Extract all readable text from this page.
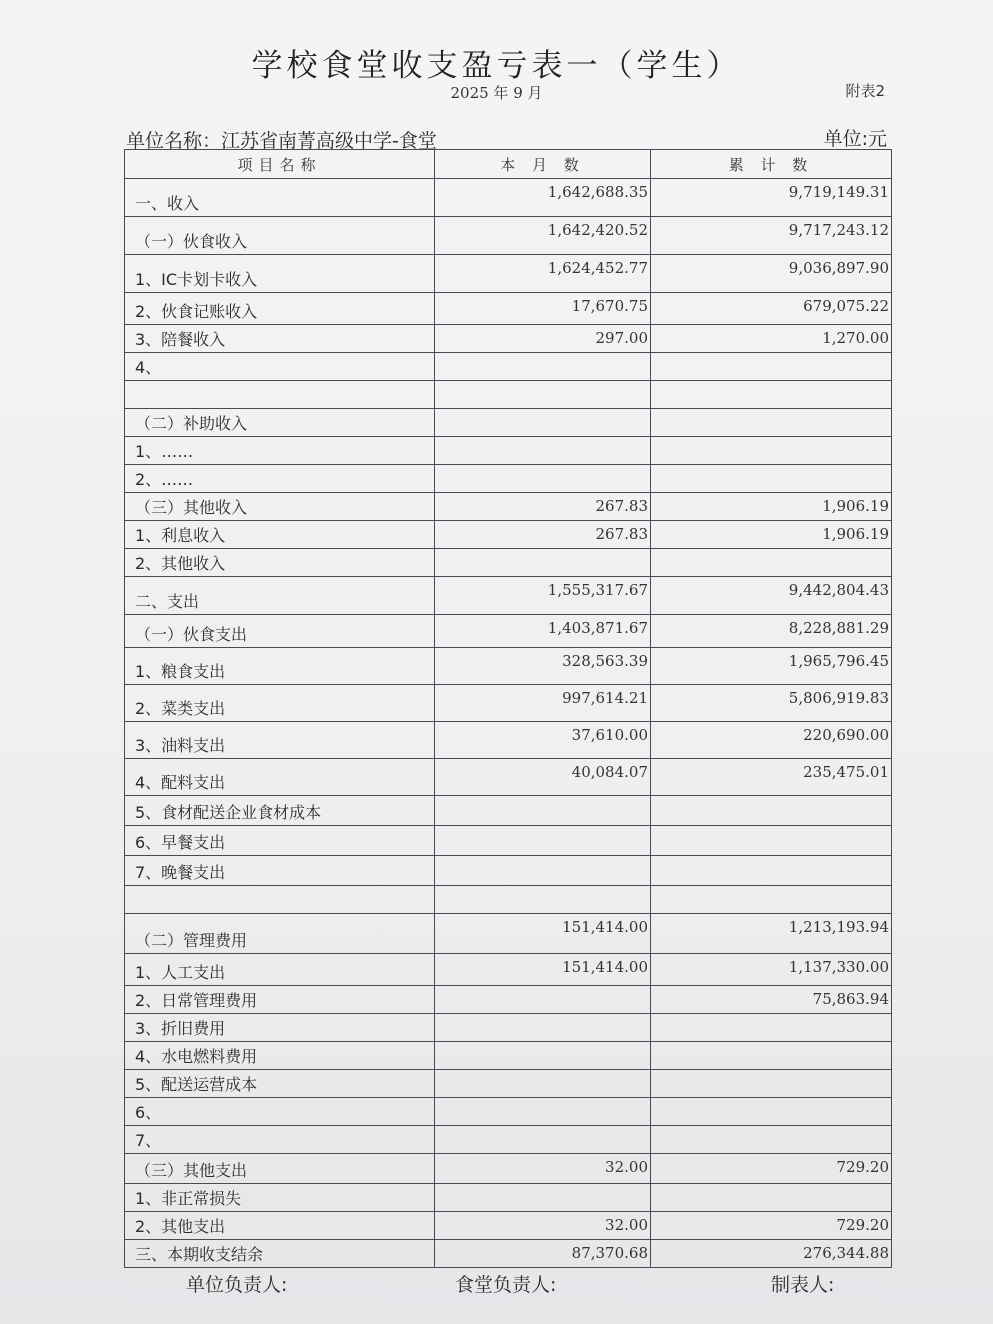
学校食堂收支盈亏表一（学生）
2025 年 9 月	附表2
单位名称：江苏省南菁高级中学-食堂	单位:元
项目名称	本 月 数	累 计 数
一、收入	1,642,688.35	9,719,149.31
（一）伙食收入	1,642,420.52	9,717,243.12
1、IC卡划卡收入	1,624,452.77	9,036,897.90
2、伙食记账收入	17,670.75	679,075.22
3、陪餐收入	297.00	1,270.00
4、		

（二）补助收入		
1、……		
2、……		
（三）其他收入	267.83	1,906.19
1、利息收入	267.83	1,906.19
2、其他收入		
二、支出	1,555,317.67	9,442,804.43
（一）伙食支出	1,403,871.67	8,228,881.29
1、粮食支出	328,563.39	1,965,796.45
2、菜类支出	997,614.21	5,806,919.83
3、油料支出	37,610.00	220,690.00
4、配料支出	40,084.07	235,475.01
5、食材配送企业食材成本		
6、早餐支出		
7、晚餐支出		

（二）管理费用	151,414.00	1,213,193.94
1、人工支出	151,414.00	1,137,330.00
2、日常管理费用		75,863.94
3、折旧费用		
4、水电燃料费用		
5、配送运营成本		
6、		
7、		
（三）其他支出	32.00	729.20
1、非正常损失		
2、其他支出	32.00	729.20
三、本期收支结余	87,370.68	276,344.88
单位负责人:	食堂负责人:	制表人:
